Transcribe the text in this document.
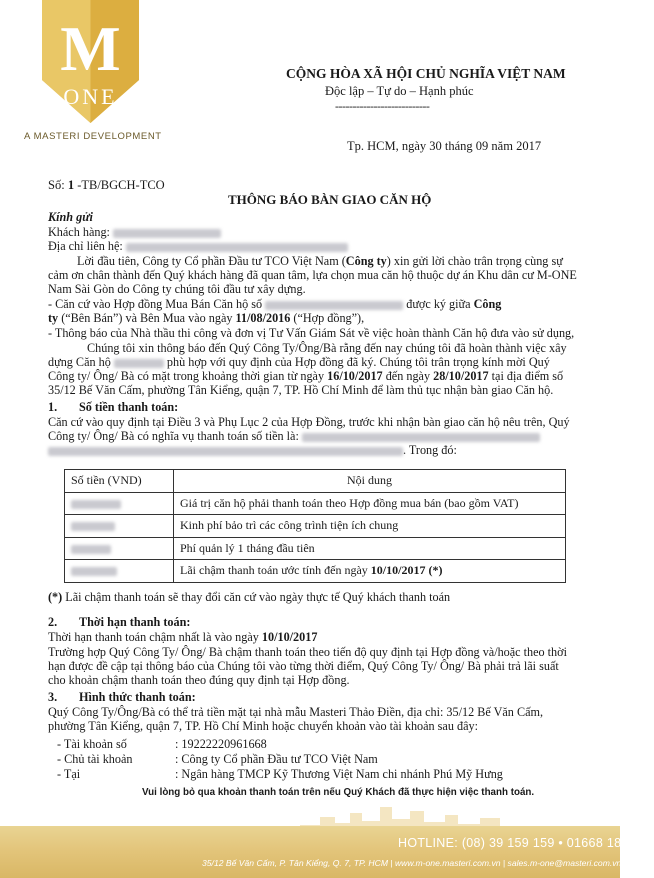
M
ONE
A MASTERI DEVELOPMENT
CỘNG HÒA XÃ HỘI CHỦ NGHĨA VIỆT NAM
Độc lập – Tự do – Hạnh phúc
---------------------------
Tp. HCM, ngày 30 tháng 09 năm 2017
Số: 1 -TB/BGCH-TCO
THÔNG BÁO BÀN GIAO CĂN HỘ
Kính gửi
Khách hàng:
Địa chỉ liên hệ:
Lời đầu tiên, Công ty Cổ phần Đầu tư TCO Việt Nam (Công ty) xin gửi lời chào trân trọng cùng sự
cảm ơn chân thành đến Quý khách hàng đã quan tâm, lựa chọn mua căn hộ thuộc dự án Khu dân cư M-ONE
Nam Sài Gòn do Công ty chúng tôi đầu tư xây dựng.
- Căn cứ vào Hợp đồng Mua Bán Căn hộ số	được ký giữa Công
ty (“Bên Bán”) và Bên Mua vào ngày 11/08/2016 (“Hợp đồng”),
- Thông báo của Nhà thầu thi công và đơn vị Tư Vấn Giám Sát về việc hoàn thành Căn hộ đưa vào sử dụng,
Chúng tôi xin thông báo đến Quý Công Ty/Ông/Bà rằng đến nay chúng tôi đã hoàn thành việc xây
dựng Căn hộ	phù hợp với quy định của Hợp đồng đã ký. Chúng tôi trân trọng kính mời Quý
Công ty/ Ông/ Bà có mặt trong khoảng thời gian từ ngày 16/10/2017 đến ngày 28/10/2017 tại địa điểm số
35/12 Bế Văn Cấm, phường Tân Kiểng, quận 7, TP. Hồ Chí Minh để làm thủ tục nhận bàn giao Căn hộ.
1. Số tiền thanh toán:
Căn cứ vào quy định tại Điều 3 và Phụ Lục 2 của Hợp Đồng, trước khi nhận bàn giao căn hộ nêu trên, Quý
Công ty/ Ông/ Bà có nghĩa vụ thanh toán số tiền là:
. Trong đó:
Số tiền (VND)	Nội dung
	Giá trị căn hộ phải thanh toán theo Hợp đồng mua bán (bao gồm VAT)
	Kinh phí bảo trì các công trình tiện ích chung
	Phí quản lý 1 tháng đầu tiên
	Lãi chậm thanh toán ước tính đến ngày 10/10/2017 (*)
(*) Lãi chậm thanh toán sẽ thay đổi căn cứ vào ngày thực tế Quý khách thanh toán
2. Thời hạn thanh toán:
Thời hạn thanh toán chậm nhất là vào ngày 10/10/2017
Trường hợp Quý Công Ty/ Ông/ Bà chậm thanh toán theo tiến độ quy định tại Hợp đồng và/hoặc theo thời
hạn được đề cập tại thông báo của Chúng tôi vào từng thời điểm, Quý Công Ty/ Ông/ Bà phải trả lãi suất
cho khoản chậm thanh toán theo đúng quy định tại Hợp đồng.
3. Hình thức thanh toán:
Quý Công Ty/Ông/Bà có thể trả tiền mặt tại nhà mẫu Masteri Thảo Điền, địa chỉ: 35/12 Bế Văn Cấm,
phường Tân Kiểng, quận 7, TP. Hồ Chí Minh hoặc chuyển khoản vào tài khoản sau đây:
- Tài khoản số	: 19222220961668
- Chủ tài khoản	: Công ty Cổ phần Đầu tư TCO Việt Nam
- Tại	: Ngân hàng TMCP Kỹ Thương Việt Nam chi nhánh Phú Mỹ Hưng
Vui lòng bỏ qua khoản thanh toán trên nếu Quý Khách đã thực hiện việc thanh toán.
HOTLINE: (08) 39 159 159 • 01668 189 189
35/12 Bế Văn Cấm, P. Tân Kiểng, Q. 7, TP. HCM | www.m-one.masteri.com.vn | sales.m-one@masteri.com.vn
